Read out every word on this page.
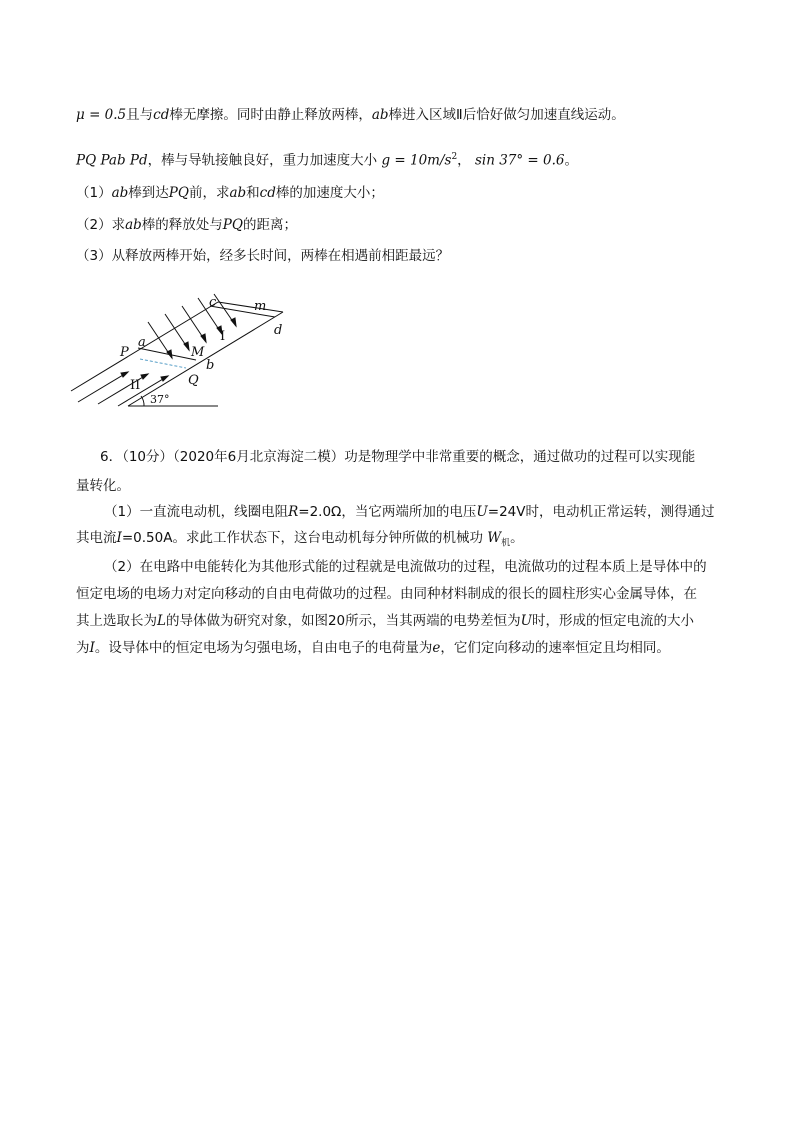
μ = 0.5且与cd棒无摩擦。同时由静止释放两棒，ab棒进入区域Ⅱ后恰好做匀加速直线运动。
PQ Pab Pd，棒与导轨接触良好，重力加速度大小 $g = 10m/s^2$， sin 37° = 0.6。
（1）ab棒到达PQ前，求ab和cd棒的加速度大小；
（2）求ab棒的释放处与PQ的距离；
（3）从释放两棒开始，经多长时间，两棒在相遇前相距最远？
c	m
d
P
a
M
b
Q
I
II
37°
6．（10分）（2020年6月北京海淀二模）功是物理学中非常重要的概念，通过做功的过程可以实现能
量转化。
（1）一直流电动机，线圈电阻R=2.0Ω，当它两端所加的电压U=24V时，电动机正常运转，测得通过
其电流I=0.50A。求此工作状态下，这台电动机每分钟所做的机械功 $W_机$。
（2）在电路中电能转化为其他形式能的过程就是电流做功的过程，电流做功的过程本质上是导体中的
恒定电场的电场力对定向移动的自由电荷做功的过程。由同种材料制成的很长的圆柱形实心金属导体，在
其上选取长为L的导体做为研究对象，如图20所示，当其两端的电势差恒为U时，形成的恒定电流的大小
为I。设导体中的恒定电场为匀强电场，自由电子的电荷量为e，它们定向移动的速率恒定且均相同。
